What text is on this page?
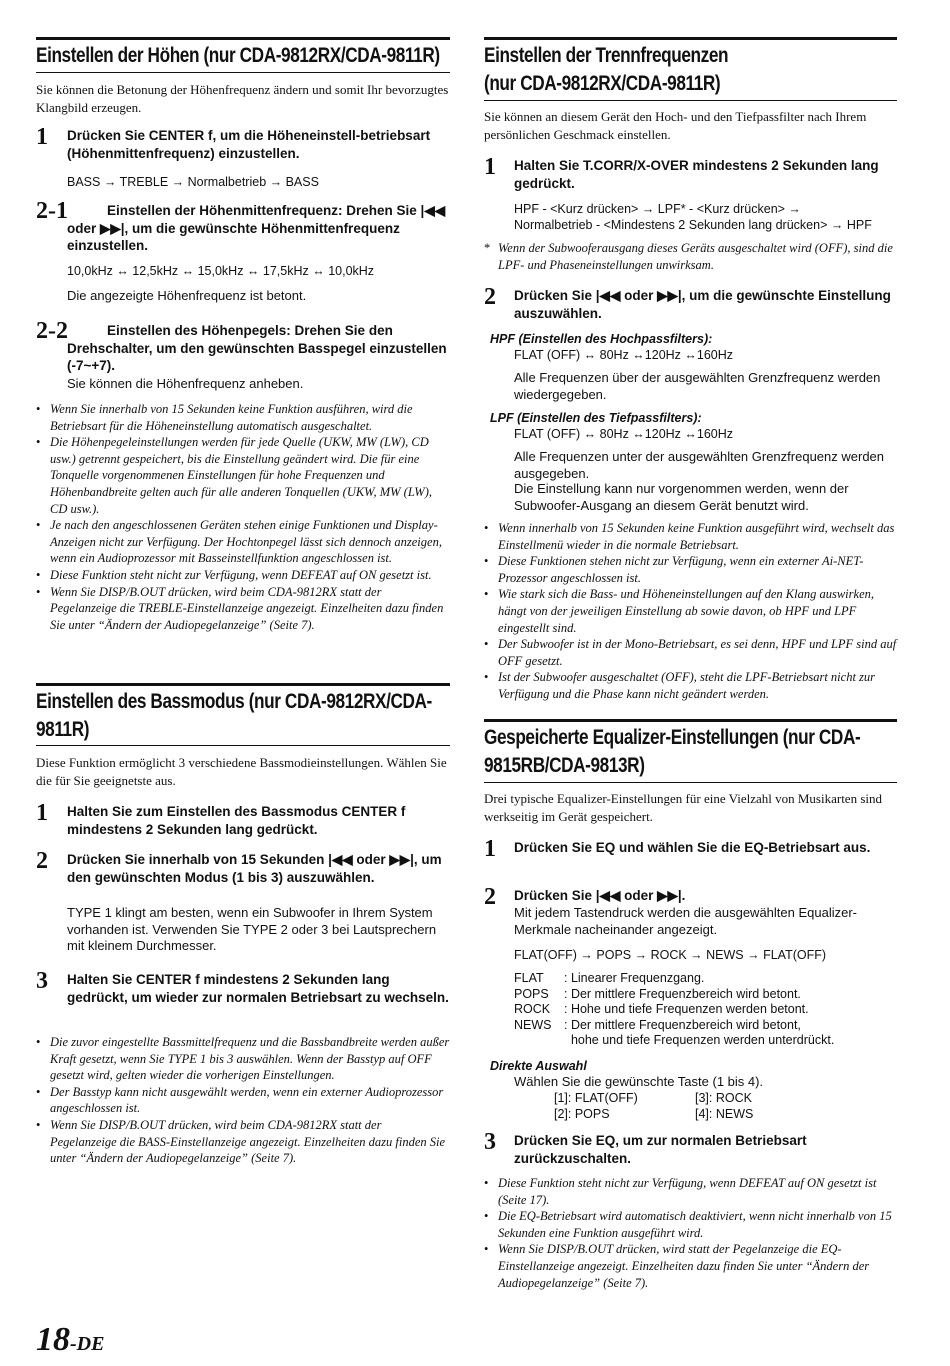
Einstellen der Höhen (nur CDA-9812RX/CDA-9811R)
Sie können die Betonung der Höhenfrequenz ändern und somit Ihr bevorzugtes Klangbild erzeugen.
1	Drücken Sie CENTER f, um die Höheneinstell-betriebsart (Höhenmittenfrequenz) einzustellen.
BASS → TREBLE → Normalbetrieb → BASS
2-1	Einstellen der Höhenmittenfrequenz: Drehen Sie |◀◀ oder ▶▶|, um die gewünschte Höhenmittenfrequenz einzustellen.
10,0kHz ↔ 12,5kHz ↔ 15,0kHz ↔ 17,5kHz ↔ 10,0kHz
Die angezeigte Höhenfrequenz ist betont.
2-2	Einstellen des Höhenpegels: Drehen Sie den Drehschalter, um den gewünschten Basspegel einzustellen (-7~+7).
Sie können die Höhenfrequenz anheben.
• Wenn Sie innerhalb von 15 Sekunden keine Funktion ausführen, wird die Betriebsart für die Höheneinstellung automatisch ausgeschaltet.
• Die Höhenpegeleinstellungen werden für jede Quelle (UKW, MW (LW), CD usw.) getrennt gespeichert, bis die Einstellung geändert wird. Die für eine Tonquelle vorgenommenen Einstellungen für hohe Frequenzen und Höhenbandbreite gelten auch für alle anderen Tonquellen (UKW, MW (LW), CD usw.).
• Je nach den angeschlossenen Geräten stehen einige Funktionen und Display-Anzeigen nicht zur Verfügung. Der Hochtonpegel lässt sich dennoch anzeigen, wenn ein Audioprozessor mit Basseinstellfunktion angeschlossen ist.
• Diese Funktion steht nicht zur Verfügung, wenn DEFEAT auf ON gesetzt ist.
• Wenn Sie DISP/B.OUT drücken, wird beim CDA-9812RX statt der Pegelanzeige die TREBLE-Einstellanzeige angezeigt. Einzelheiten dazu finden Sie unter “Ändern der Audiopegelanzeige” (Seite 7).
Einstellen des Bassmodus (nur CDA-9812RX/CDA-
9811R)
Diese Funktion ermöglicht 3 verschiedene Bassmodieinstellungen. Wählen Sie die für Sie geeignetste aus.
1	Halten Sie zum Einstellen des Bassmodus CENTER f mindestens 2 Sekunden lang gedrückt.
2	Drücken Sie innerhalb von 15 Sekunden |◀◀ oder ▶▶|, um den gewünschten Modus (1 bis 3) auszuwählen.
TYPE 1 klingt am besten, wenn ein Subwoofer in Ihrem System vorhanden ist. Verwenden Sie TYPE 2 oder 3 bei Lautsprechern mit kleinem Durchmesser.
3	Halten Sie CENTER f mindestens 2 Sekunden lang gedrückt, um wieder zur normalen Betriebsart zu wechseln.
• Die zuvor eingestellte Bassmittelfrequenz und die Bassbandbreite werden außer Kraft gesetzt, wenn Sie TYPE 1 bis 3 auswählen. Wenn der Basstyp auf OFF gesetzt wird, gelten wieder die vorherigen Einstellungen.
• Der Basstyp kann nicht ausgewählt werden, wenn ein externer Audioprozessor angeschlossen ist.
• Wenn Sie DISP/B.OUT drücken, wird beim CDA-9812RX statt der Pegelanzeige die BASS-Einstellanzeige angezeigt. Einzelheiten dazu finden Sie unter “Ändern der Audiopegelanzeige” (Seite 7).
Einstellen der Trennfrequenzen
(nur CDA-9812RX/CDA-9811R)
Sie können an diesem Gerät den Hoch- und den Tiefpassfilter nach Ihrem persönlichen Geschmack einstellen.
1	Halten Sie T.CORR/X-OVER mindestens 2 Sekunden lang gedrückt.
HPF - <Kurz drücken> → LPF* - <Kurz drücken> →
Normalbetrieb - <Mindestens 2 Sekunden lang drücken> → HPF
* Wenn der Subwooferausgang dieses Geräts ausgeschaltet wird (OFF), sind die LPF- und Phaseneinstellungen unwirksam.
2	Drücken Sie |◀◀ oder ▶▶|, um die gewünschte Einstellung auszuwählen.
HPF (Einstellen des Hochpassfilters):
FLAT (OFF) ↔ 80Hz ↔120Hz ↔160Hz
Alle Frequenzen über der ausgewählten Grenzfrequenz werden wiedergegeben.
LPF (Einstellen des Tiefpassfilters):
FLAT (OFF) ↔ 80Hz ↔120Hz ↔160Hz
Alle Frequenzen unter der ausgewählten Grenzfrequenz werden ausgegeben.
Die Einstellung kann nur vorgenommen werden, wenn der Subwoofer-Ausgang an diesem Gerät benutzt wird.
• Wenn innerhalb von 15 Sekunden keine Funktion ausgeführt wird, wechselt das Einstellmenü wieder in die normale Betriebsart.
• Diese Funktionen stehen nicht zur Verfügung, wenn ein externer Ai-NET-Prozessor angeschlossen ist.
• Wie stark sich die Bass- und Höheneinstellungen auf den Klang auswirken, hängt von der jeweiligen Einstellung ab sowie davon, ob HPF und LPF eingestellt sind.
• Der Subwoofer ist in der Mono-Betriebsart, es sei denn, HPF und LPF sind auf OFF gesetzt.
• Ist der Subwoofer ausgeschaltet (OFF), steht die LPF-Betriebsart nicht zur Verfügung und die Phase kann nicht geändert werden.
Gespeicherte Equalizer-Einstellungen (nur CDA-
9815RB/CDA-9813R)
Drei typische Equalizer-Einstellungen für eine Vielzahl von Musikarten sind werkseitig im Gerät gespeichert.
1	Drücken Sie EQ und wählen Sie die EQ-Betriebsart aus.
2	Drücken Sie |◀◀ oder ▶▶|.
Mit jedem Tastendruck werden die ausgewählten Equalizer-Merkmale nacheinander angezeigt.
FLAT(OFF) → POPS → ROCK → NEWS → FLAT(OFF)
FLAT	: Linearer Frequenzgang.
POPS	: Der mittlere Frequenzbereich wird betont.
ROCK	: Hohe und tiefe Frequenzen werden betont.
NEWS	: Der mittlere Frequenzbereich wird betont,
hohe und tiefe Frequenzen werden unterdrückt.
Direkte Auswahl
Wählen Sie die gewünschte Taste (1 bis 4).
[1]: FLAT(OFF)	[3]: ROCK
[2]: POPS	[4]: NEWS
3	Drücken Sie EQ, um zur normalen Betriebsart zurückzuschalten.
• Diese Funktion steht nicht zur Verfügung, wenn DEFEAT auf ON gesetzt ist (Seite 17).
• Die EQ-Betriebsart wird automatisch deaktiviert, wenn nicht innerhalb von 15 Sekunden eine Funktion ausgeführt wird.
• Wenn Sie DISP/B.OUT drücken, wird statt der Pegelanzeige die EQ-Einstellanzeige angezeigt. Einzelheiten dazu finden Sie unter “Ändern der Audiopegelanzeige” (Seite 7).
18-DE
